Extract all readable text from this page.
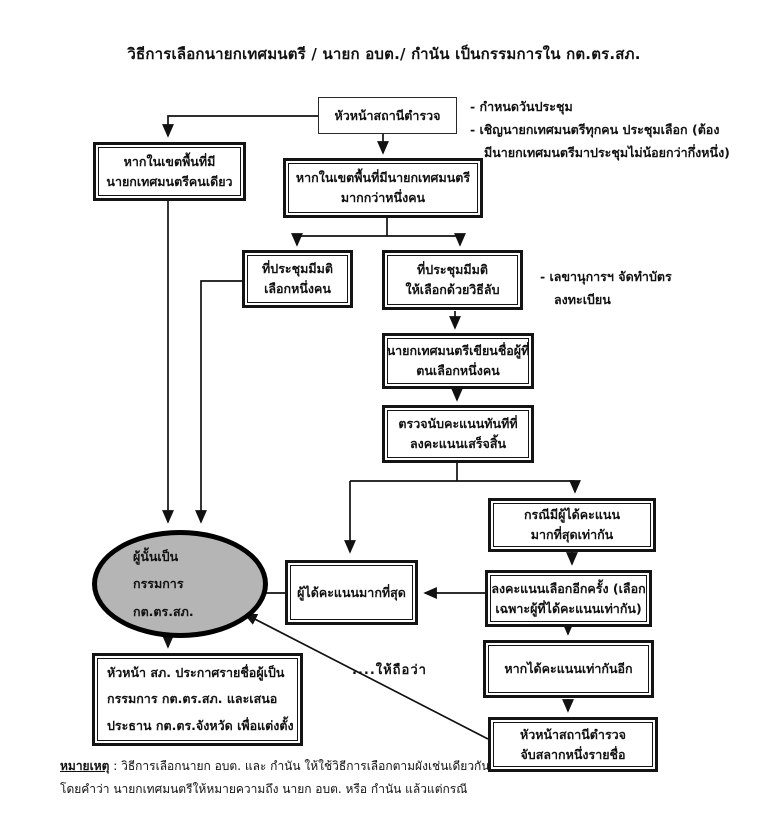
วิธีการเลือกนายกเทศมนตรี / นายก อบต./ กำนัน เป็นกรรมการใน กต.ตร.สภ.
หัวหน้าสถานีตำรวจ
หากในเขตพื้นที่มี
นายกเทศมนตรีคนเดียว	หากในเขตพื้นที่มีนายกเทศมนตรี
มากกว่าหนึ่งคน
ที่ประชุมมีมติ
เลือกหนึ่งคน
ที่ประชุมมีมติ
ให้เลือกด้วยวิธีลับ
นายกเทศมนตรีเขียนชื่อผู้ที่
ตนเลือกหนึ่งคน
ตรวจนับคะแนนทันทีที่
ลงคะแนนเสร็จสิ้น
กรณีมีผู้ได้คะแนน
มากที่สุดเท่ากัน
ลงคะแนนเลือกอีกครั้ง (เลือก
เฉพาะผู้ที่ได้คะแนนเท่ากัน)
หากได้คะแนนเท่ากันอีก
หัวหน้าสถานีตำรวจ
จับสลากหนึ่งรายชื่อ
ผู้ได้คะแนนมากที่สุด
ผู้นั้นเป็น
กรรมการ
กต.ตร.สภ.
หัวหน้า สภ. ประกาศรายชื่อผู้เป็น
กรรมการ กต.ตร.สภ. และเสนอ
ประธาน กต.ตร.จังหวัด เพื่อแต่งตั้ง
- กำหนดวันประชุม
- เชิญนายกเทศมนตรีทุกคน ประชุมเลือก (ต้อง
มีนายกเทศมนตรีมาประชุมไม่น้อยกว่ากึ่งหนึ่ง)
- เลขานุการฯ จัดทำบัตร
ลงทะเบียน
....ให้ถือว่า
หมายเหตุ : วิธีการเลือกนายก อบต. และ กำนัน ให้ใช้วิธีการเลือกตามผังเช่นเดียวกัน
โดยคำว่า นายกเทศมนตรีให้หมายความถึง นายก อบต. หรือ กำนัน แล้วแต่กรณี
